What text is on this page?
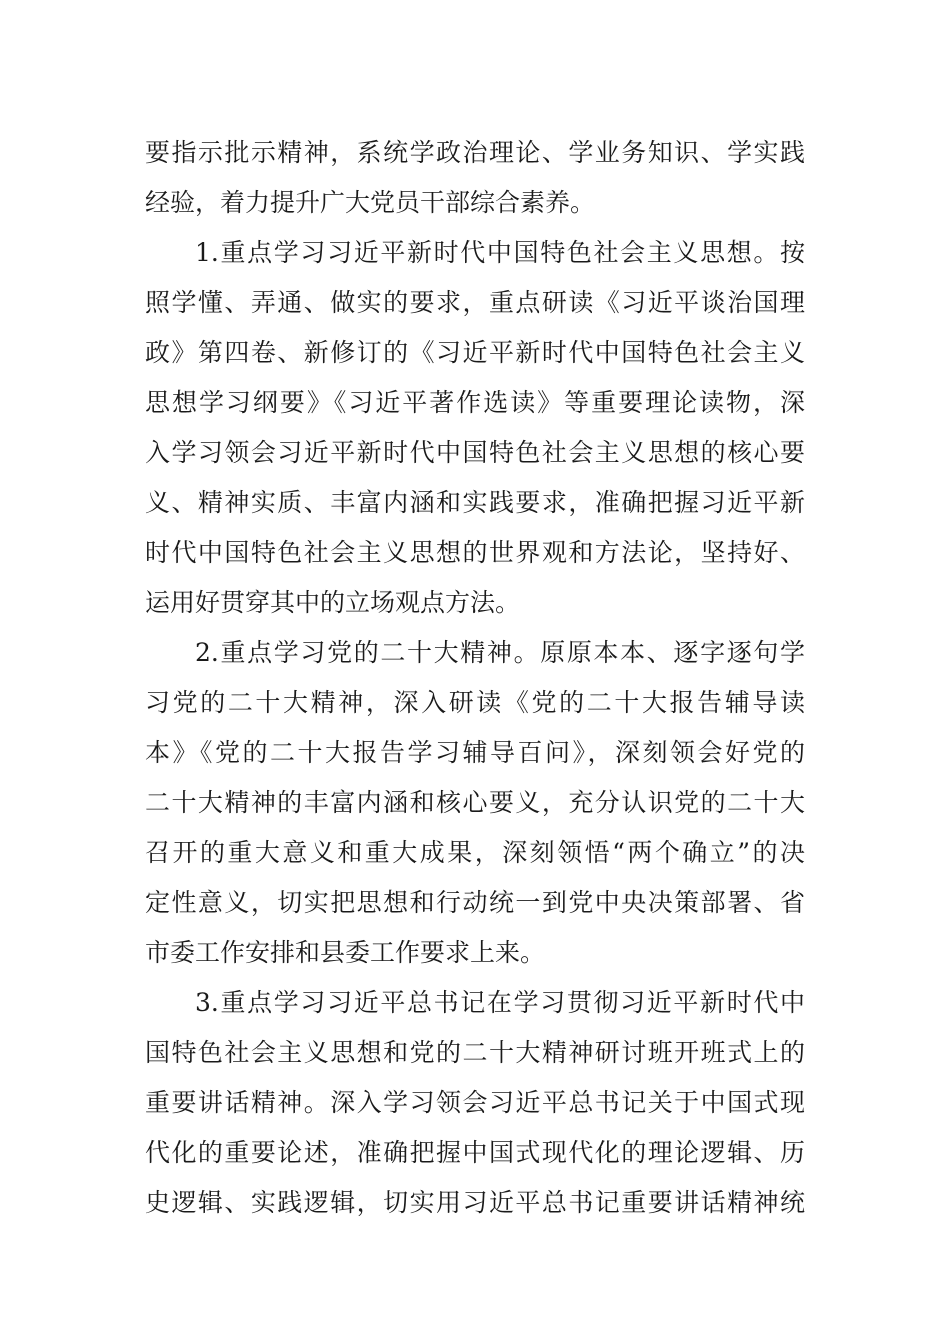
要指示批示精神，系统学政治理论、学业务知识、学实践
经验，着力提升广大党员干部综合素养。
1.重点学习习近平新时代中国特色社会主义思想。按
照学懂、弄通、做实的要求，重点研读《习近平谈治国理
政》第四卷、新修订的《习近平新时代中国特色社会主义
思想学习纲要》《习近平著作选读》等重要理论读物，深
入学习领会习近平新时代中国特色社会主义思想的核心要
义、精神实质、丰富内涵和实践要求，准确把握习近平新
时代中国特色社会主义思想的世界观和方法论，坚持好、
运用好贯穿其中的立场观点方法。
2.重点学习党的二十大精神。原原本本、逐字逐句学
习党的二十大精神，深入研读《党的二十大报告辅导读
本》《党的二十大报告学习辅导百问》，深刻领会好党的
二十大精神的丰富内涵和核心要义，充分认识党的二十大
召开的重大意义和重大成果，深刻领悟“两个确立”的决
定性意义，切实把思想和行动统一到党中央决策部署、省
市委工作安排和县委工作要求上来。
3.重点学习习近平总书记在学习贯彻习近平新时代中
国特色社会主义思想和党的二十大精神研讨班开班式上的
重要讲话精神。深入学习领会习近平总书记关于中国式现
代化的重要论述，准确把握中国式现代化的理论逻辑、历
史逻辑、实践逻辑，切实用习近平总书记重要讲话精神统
